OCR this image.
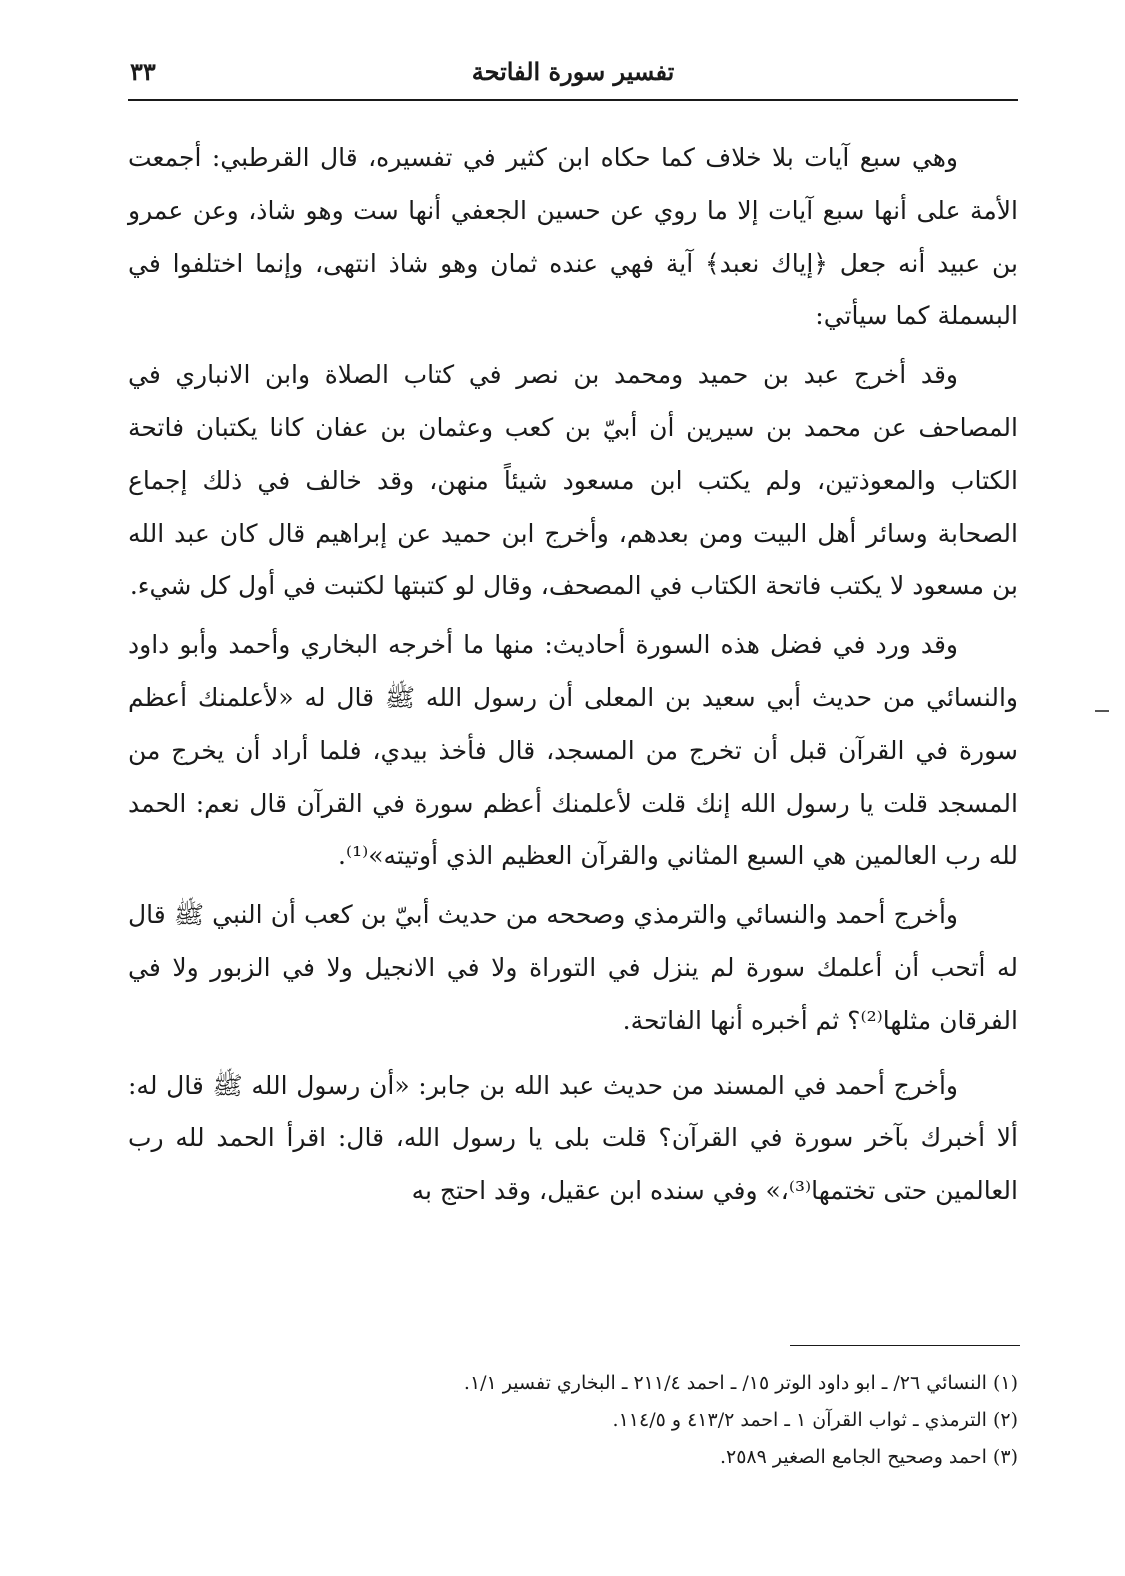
تفسير سورة الفاتحة
٣٣

وهي سبع آيات بلا خلاف كما حكاه ابن كثير في تفسيره، قال القرطبي: أجمعت الأمة على أنها سبع آيات إلا ما روي عن حسين الجعفي أنها ست وهو شاذ، وعن عمرو بن عبيد أنه جعل ﴿إياك نعبد﴾ آية فهي عنده ثمان وهو شاذ انتهى، وإنما اختلفوا في البسملة كما سيأتي:

وقد أخرج عبد بن حميد ومحمد بن نصر في كتاب الصلاة وابن الانباري في المصاحف عن محمد بن سيرين أن أبيّ بن كعب وعثمان بن عفان كانا يكتبان فاتحة الكتاب والمعوذتين، ولم يكتب ابن مسعود شيئاً منهن، وقد خالف في ذلك إجماع الصحابة وسائر أهل البيت ومن بعدهم، وأخرج ابن حميد عن إبراهيم قال كان عبد الله بن مسعود لا يكتب فاتحة الكتاب في المصحف، وقال لو كتبتها لكتبت في أول كل شيء.

وقد ورد في فضل هذه السورة أحاديث: منها ما أخرجه البخاري وأحمد وأبو داود والنسائي من حديث أبي سعيد بن المعلى أن رسول الله ﷺ قال له «لأعلمنك أعظم سورة في القرآن قبل أن تخرج من المسجد، قال فأخذ بيدي، فلما أراد أن يخرج من المسجد قلت يا رسول الله إنك قلت لأعلمنك أعظم سورة في القرآن قال نعم: الحمد لله رب العالمين هي السبع المثاني والقرآن العظيم الذي أوتيته»⁽¹⁾.

وأخرج أحمد والنسائي والترمذي وصححه من حديث أبيّ بن كعب أن النبي ﷺ قال له أتحب أن أعلمك سورة لم ينزل في التوراة ولا في الانجيل ولا في الزبور ولا في الفرقان مثلها⁽²⁾؟ ثم أخبره أنها الفاتحة.

وأخرج أحمد في المسند من حديث عبد الله بن جابر: «أن رسول الله ﷺ قال له: ألا أخبرك بآخر سورة في القرآن؟ قلت بلى يا رسول الله، قال: اقرأ الحمد لله رب العالمين حتى تختمها⁽³⁾،» وفي سنده ابن عقيل، وقد احتج به

(١) النسائي ٢٦/ ـ ابو داود الوتر ١٥/ ـ احمد ٢١١/٤ ـ البخاري تفسير ١/١.

(٢) الترمذي ـ ثواب القرآن ١ ـ احمد ٤١٣/٢ و ١١٤/٥.

(٣) احمد وصحيح الجامع الصغير ٢٥٨٩.
